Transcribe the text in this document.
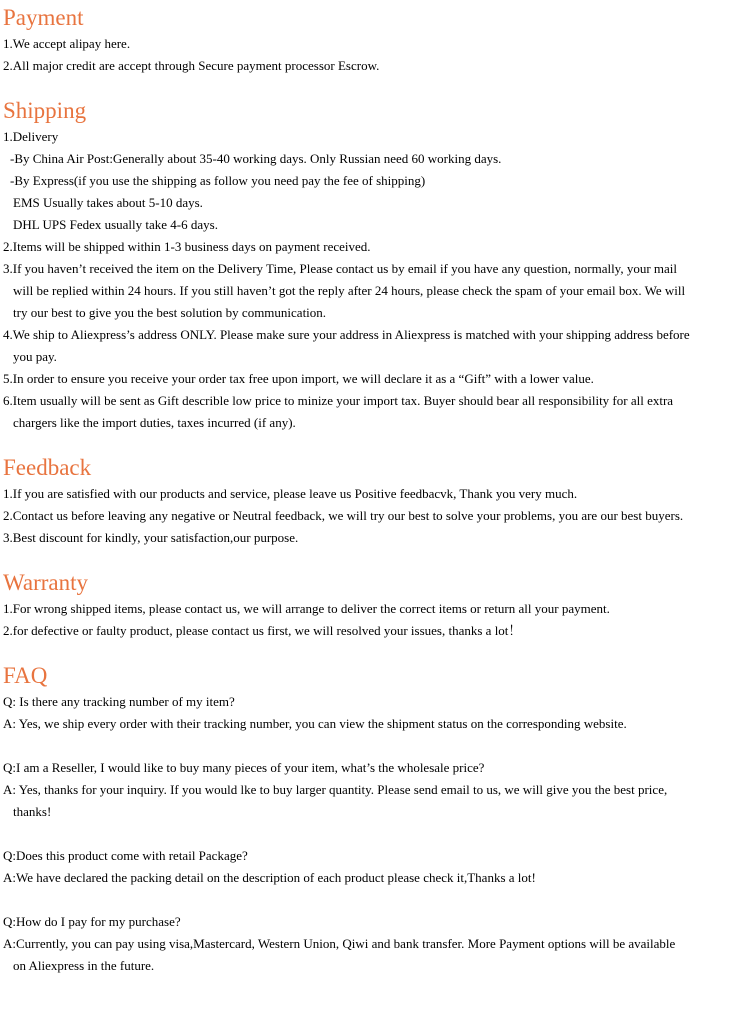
Payment

1.We accept alipay here.

2.All major credit are accept through Secure payment processor Escrow.

Shipping

1.Delivery

-By China Air Post:Generally about 35-40 working days. Only Russian need 60 working days.

-By Express(if you use the shipping as follow you need pay the fee of shipping)

EMS Usually takes about 5-10 days.

DHL UPS Fedex usually take 4-6 days.

2.Items will be shipped within 1-3 business days on payment received.

3.If you haven’t received the item on the Delivery Time, Please contact us by email if you have any question, normally, your mail

will be replied within 24 hours. If you still haven’t got the reply after 24 hours, please check the spam of your email box. We will

try our best to give you the best solution by communication.

4.We ship to Aliexpress’s address ONLY. Please make sure your address in Aliexpress is matched with your shipping address before

you pay.

5.In order to ensure you receive your order tax free upon import, we will declare it as a “Gift” with a lower value.

6.Item usually will be sent as Gift describle low price to minize your import tax. Buyer should bear all responsibility for all extra

chargers like the import duties, taxes incurred (if any).

Feedback

1.If you are satisfied with our products and service, please leave us Positive feedbacvk, Thank you very much.

2.Contact us before leaving any negative or Neutral feedback, we will try our best to solve your problems, you are our best buyers.

3.Best discount for kindly, your satisfaction,our purpose.

Warranty

1.For wrong shipped items, please contact us, we will arrange to deliver the correct items or return all your payment.

2.for defective or faulty product, please contact us first, we will resolved your issues, thanks a lot！

FAQ

Q: Is there any tracking number of my item?

A: Yes, we ship every order with their tracking number, you can view the shipment status on the corresponding website.

Q:I am a Reseller, I would like to buy many pieces of your item, what’s the wholesale price?

A: Yes, thanks for your inquiry. If you would lke to buy larger quantity. Please send email to us, we will give you the best price,

thanks!

Q:Does this product come with retail Package?

A:We have declared the packing detail on the description of each product please check it,Thanks a lot!

Q:How do I pay for my purchase?

A:Currently, you can pay using visa,Mastercard, Western Union, Qiwi and bank transfer. More Payment options will be available

on Aliexpress in the future.
